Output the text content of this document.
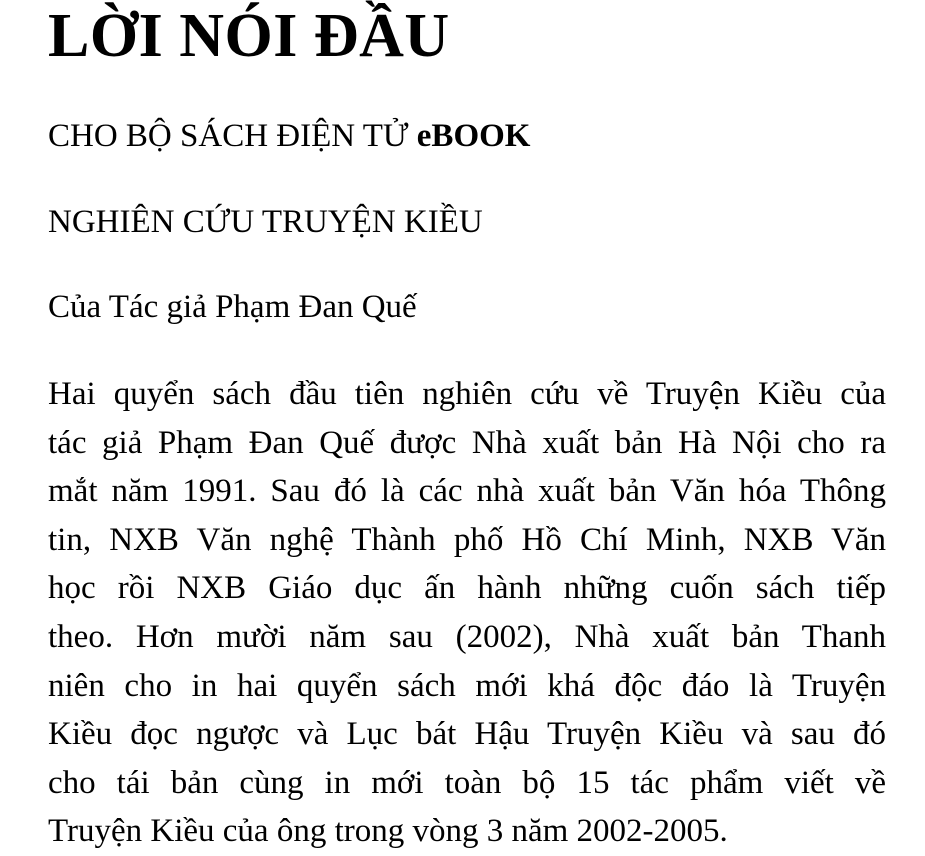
LỜI NÓI ĐẦU
CHO BỘ SÁCH ĐIỆN TỬ eBOOK
NGHIÊN CỨU TRUYỆN KIỀU
Của Tác giả Phạm Đan Quế

Hai quyển sách đầu tiên nghiên cứu về Truyện Kiều của
tác giả Phạm Đan Quế được Nhà xuất bản Hà Nội cho ra
mắt năm 1991. Sau đó là các nhà xuất bản Văn hóa Thông
tin, NXB Văn nghệ Thành phố Hồ Chí Minh, NXB Văn
học rồi NXB Giáo dục ấn hành những cuốn sách tiếp
theo. Hơn mười năm sau (2002), Nhà xuất bản Thanh
niên cho in hai quyển sách mới khá độc đáo là Truyện
Kiều đọc ngược và Lục bát Hậu Truyện Kiều và sau đó
cho tái bản cùng in mới toàn bộ 15 tác phẩm viết về
Truyện Kiều của ông trong vòng 3 năm 2002-2005.
